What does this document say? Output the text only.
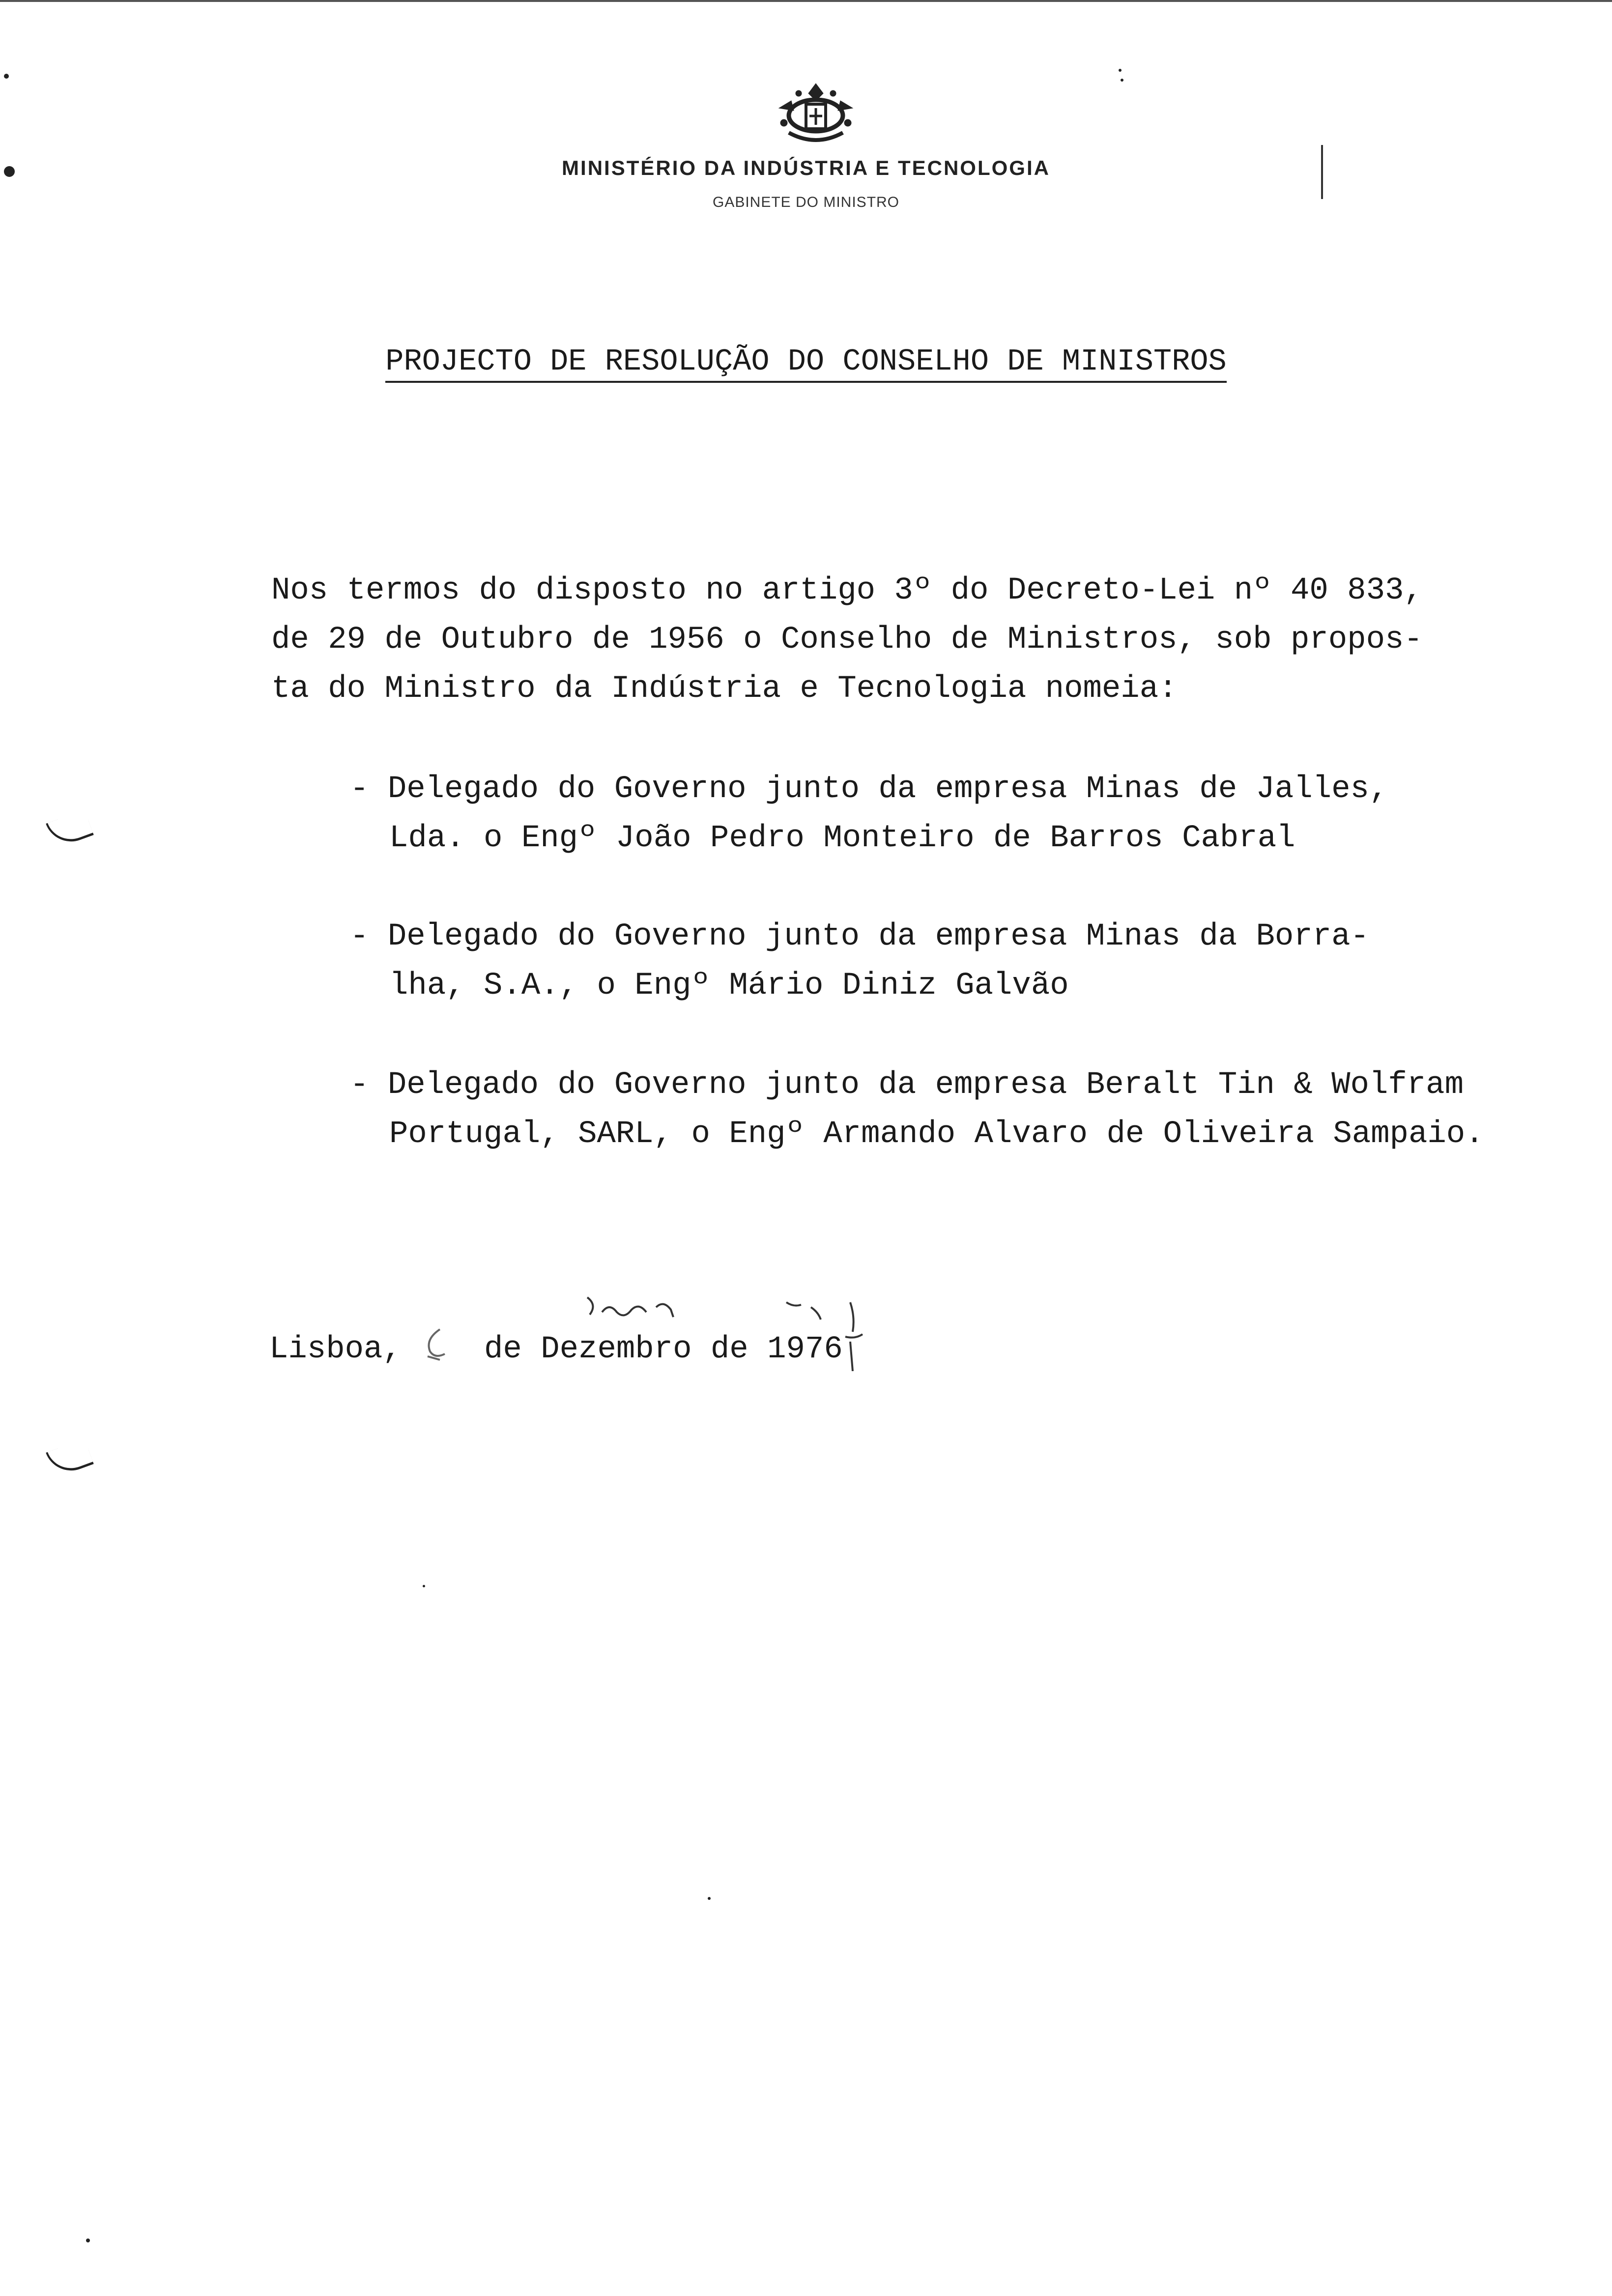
MINISTÉRIO DA INDÚSTRIA E TECNOLOGIA
GABINETE DO MINISTRO
PROJECTO DE RESOLUÇÃO DO CONSELHO DE MINISTROS
Nos termos do disposto no artigo 3º do Decreto-Lei nº 40 833,
de 29 de Outubro de 1956 o Conselho de Ministros, sob propos-
ta do Ministro da Indústria e Tecnologia nomeia:
- Delegado do Governo junto da empresa Minas de Jalles,
Lda. o Engº João Pedro Monteiro de Barros Cabral
- Delegado do Governo junto da empresa Minas da Borra-
lha, S.A., o Engº Mário Diniz Galvão
- Delegado do Governo junto da empresa Beralt Tin & Wolfram
Portugal, SARL, o Engº Armando Alvaro de Oliveira Sampaio.
Lisboa,	de Dezembro de 1976
